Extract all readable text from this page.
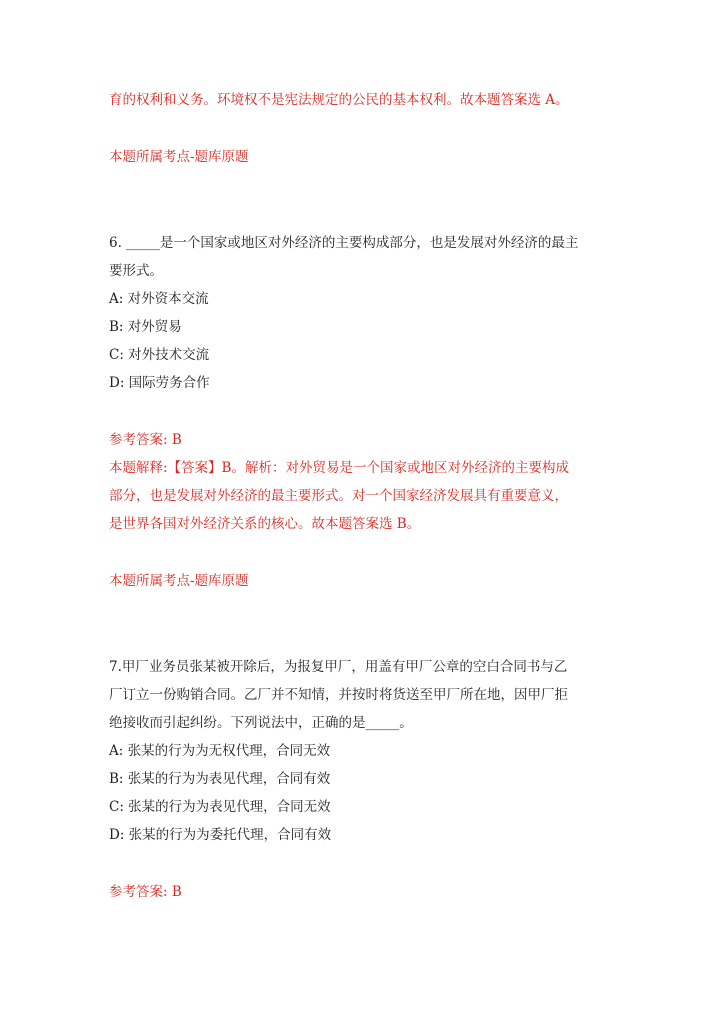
育的权利和义务。环境权不是宪法规定的公民的基本权利。故本题答案选 A。
本题所属考点-题库原题
6. _____是一个国家或地区对外经济的主要构成部分，也是发展对外经济的最主
要形式。
A: 对外资本交流
B: 对外贸易
C: 对外技术交流
D: 国际劳务合作
参考答案: B
本题解释:【答案】B。解析：对外贸易是一个国家或地区对外经济的主要构成
部分，也是发展对外经济的最主要形式。对一个国家经济发展具有重要意义，
是世界各国对外经济关系的核心。故本题答案选 B。
本题所属考点-题库原题
7.甲厂业务员张某被开除后，为报复甲厂，用盖有甲厂公章的空白合同书与乙
厂订立一份购销合同。乙厂并不知情，并按时将货送至甲厂所在地，因甲厂拒
绝接收而引起纠纷。下列说法中，正确的是_____。
A: 张某的行为为无权代理，合同无效
B: 张某的行为为表见代理，合同有效
C: 张某的行为为表见代理，合同无效
D: 张某的行为为委托代理，合同有效
参考答案: B
